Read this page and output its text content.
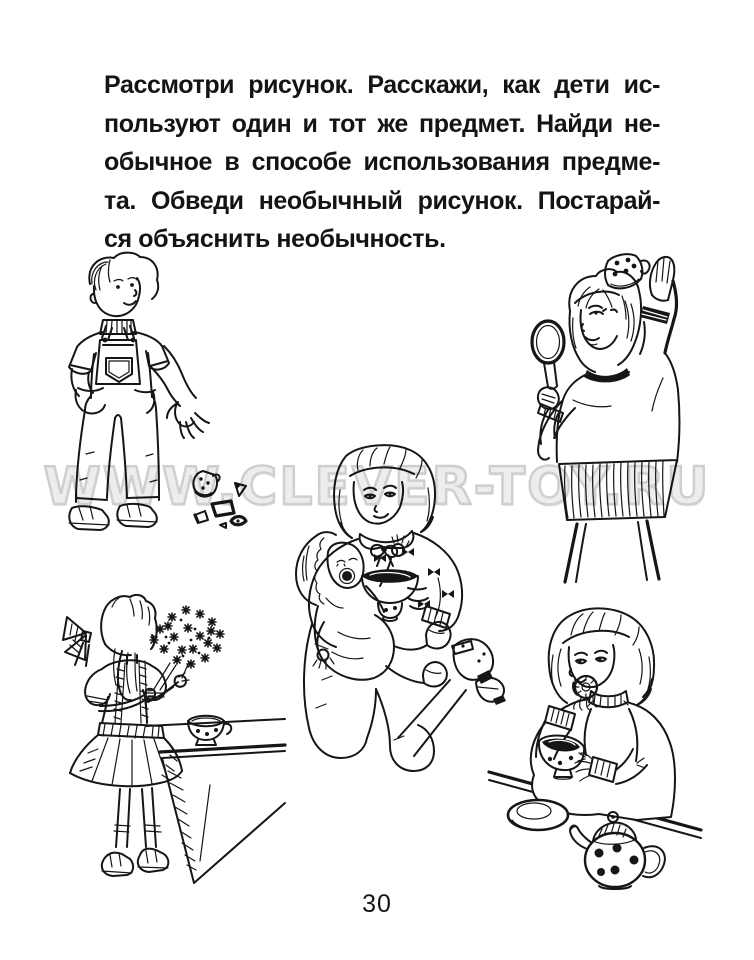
Рассмотри рисунок. Расскажи, как дети ис-
пользуют один и тот же предмет. Найди не-
обычное в способе использования предме-
та. Обведи необычный рисунок. Постарай-
ся объяснить необычность.
WWW.CLEVER-TOY.RU
30
